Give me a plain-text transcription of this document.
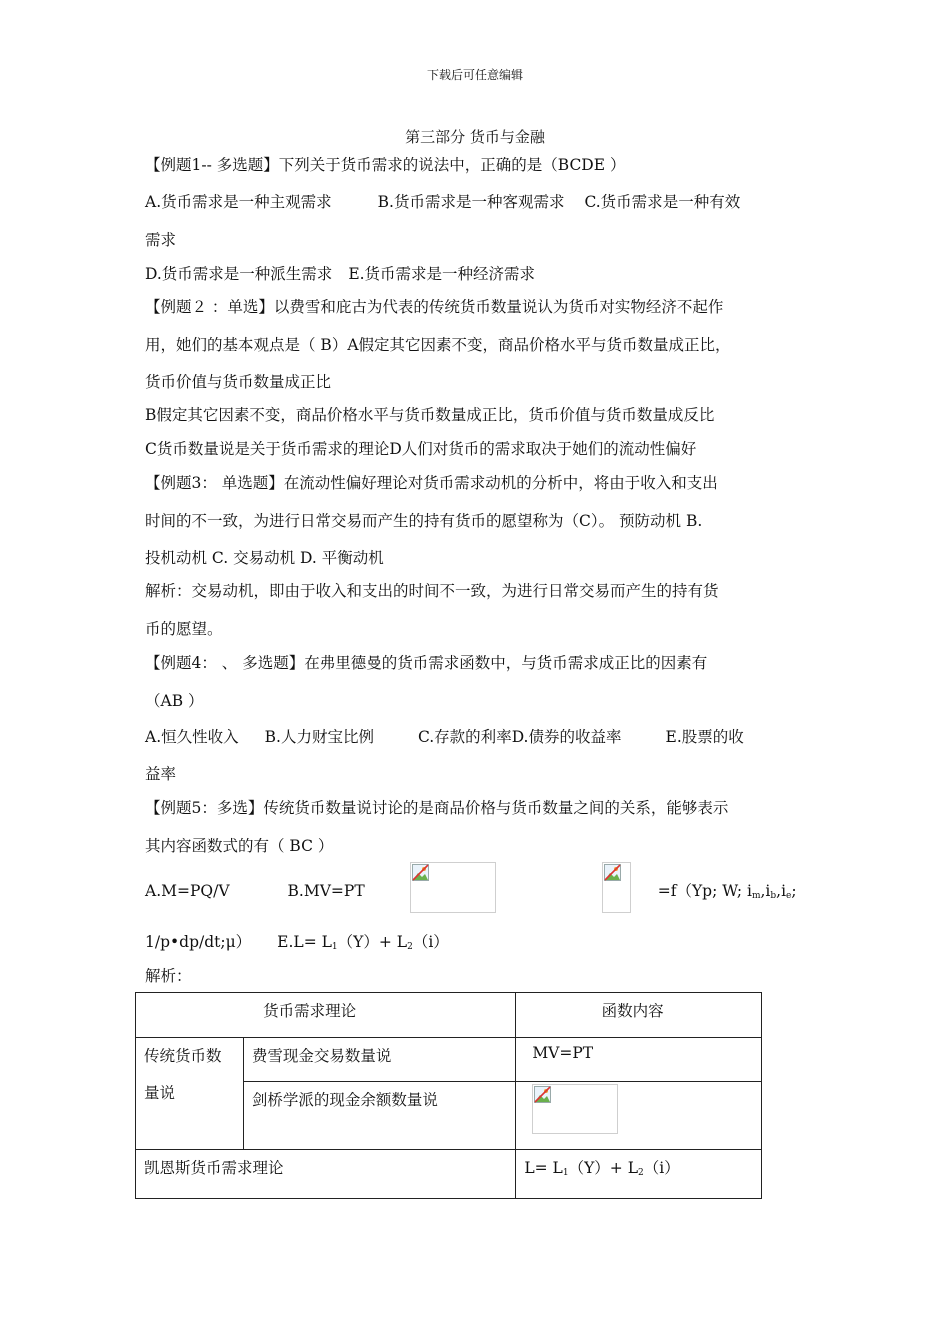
下载后可任意编辑
第三部分 货币与金融
【例题1-- 多选题】下列关于货币需求的说法中，正确的是（BCDE ）
A.货币需求是一种主观需求	B.货币需求是一种客观需求 C.货币需求是一种有效
需求
D.货币需求是一种派生需求 E.货币需求是一种经济需求
【例题２ ：单选】以费雪和庇古为代表的传统货币数量说认为货币对实物经济不起作
用，她们的基本观点是（ B）A假定其它因素不变，商品价格水平与货币数量成正比，
货币价值与货币数量成正比
B假定其它因素不变，商品价格水平与货币数量成正比，货币价值与货币数量成反比
C货币数量说是关于货币需求的理论D人们对货币的需求取决于她们的流动性偏好
【例题3： 单选题】在流动性偏好理论对货币需求动机的分析中，将由于收入和支出
时间的不一致，为进行日常交易而产生的持有货币的愿望称为（C）。 预防动机 B.
投机动机 C. 交易动机 D. 平衡动机
解析：交易动机，即由于收入和支出的时间不一致，为进行日常交易而产生的持有货
币的愿望。
【例题4： 、 多选题】在弗里德曼的货币需求函数中，与货币需求成正比的因素有
（AB ）
A.恒久性收入 B.人力财宝比例	C.存款的利率D.债券的收益率	E.股票的收
益率
【例题5：多选】传统货币数量说讨论的是商品价格与货币数量之间的关系，能够表示
其内容函数式的有（ BC ）
A.M=PQ/V	B.MV=PT	=f（Yp; W; $i_m,i_b,i_e$;
1/p•dp/dt;μ） $E.L= L_1(Y)+ L_2(i)$
解析：
货币需求理论		函数内容
传统货币数量说	费雪现金交易数量说	MV=PT
	剑桥学派的现金余额数量说	

凯恩斯货币需求理论		$L= L_1(Y)+ L_2(i)$
